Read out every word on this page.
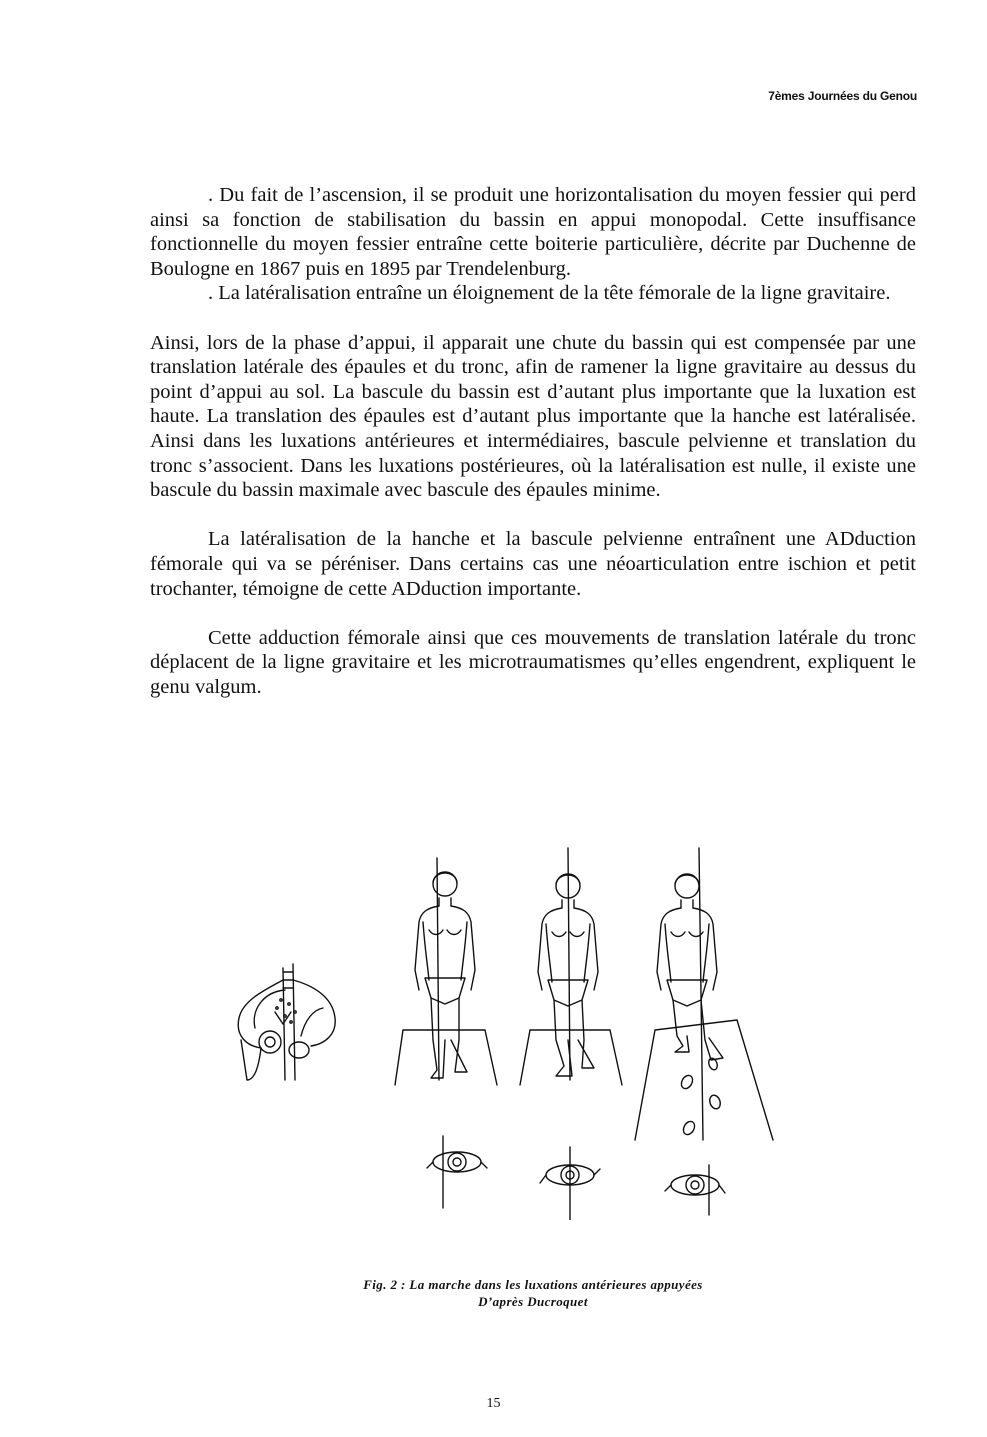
7èmes Journées du Genou

. Du fait de l’ascension, il se produit une horizontalisation du moyen fessier qui perd ainsi sa fonction de stabilisation du bassin en appui monopodal. Cette insuffisance fonctionnelle du moyen fessier entraîne cette boiterie particulière, décrite par Duchenne de Boulogne en 1867 puis en 1895 par Trendelenburg.

. La latéralisation entraîne un éloignement de la tête fémorale de la ligne gravitaire.

Ainsi, lors de la phase d’appui, il apparait une chute du bassin qui est compensée par une translation latérale des épaules et du tronc, afin de ramener la ligne gravitaire au dessus du point d’appui au sol. La bascule du bassin est d’autant plus importante que la luxation est haute. La translation des épaules est d’autant plus importante que la hanche est latéralisée. Ainsi dans les luxations antérieures et intermédiaires, bascule pelvienne et translation du tronc s’associent. Dans les luxations postérieures, où la latéralisation est nulle, il existe une bascule du bassin maximale avec bascule des épaules minime.

La latéralisation de la hanche et la bascule pelvienne entraînent une ADduction fémorale qui va se péréniser. Dans certains cas une néoarticulation entre ischion et petit trochanter, témoigne de cette ADduction importante.

Cette adduction fémorale ainsi que ces mouvements de translation latérale du tronc déplacent de la ligne gravitaire et les microtraumatismes qu’elles engendrent, expliquent le genu valgum.

Fig. 2 : La marche dans les luxations antérieures appuyées
D’après Ducroquet
15
